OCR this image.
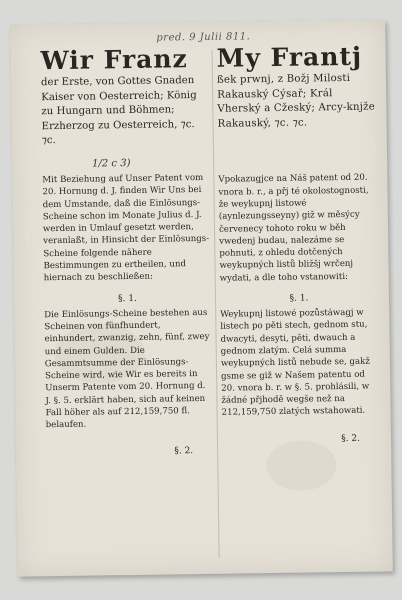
pred. 9 Julii 811.
Wir Franz
der Erste, von Gottes Gnaden Kaiser von Oesterreich; König zu Hungarn und Böhmen; Erzherzog zu Oesterreich, ⁊c. ⁊c.
1/2 c 3)
Mit Beziehung auf Unser Patent vom 20. Hornung d. J. finden Wir Uns bei dem Umstande, daß die Einlösungs-Scheine schon im Monate Julius d. J. werden in Umlauf gesetzt werden, veranlaßt, in Hinsicht der Einlösungs-Scheine folgende nähere Bestimmungen zu ertheilen, und hiernach zu beschließen:
§. 1.
Die Einlösungs-Scheine bestehen aus Scheinen von fünfhundert, einhundert, zwanzig, zehn, fünf, zwey und einem Gulden. Die Gesammtsumme der Einlösungs-Scheine wird, wie Wir es bereits in Unserm Patente vom 20. Hornung d. J. §. 5. erklärt haben, sich auf keinen Fall höher als auf 212,159,750 fl. belaufen.
§. 2.
My Frantj
ßek prwnj, z Božj Milosti Rakauský Cýsař; Král Vherský a Cžeský; Arcy-knjže Rakauský, ⁊c. ⁊c.
Vpokazugjce na Náš patent od 20. vnora b. r., a přj té okolostognosti, že weykupnj listowé (aynlezungsseyny) giž w měsýcy červenecy tohoto roku w běh vwedenj budau, nalezáme se pohnuti, z ohledu dotčených weykupných listů bližšj wrčenj wydati, a dle toho vstanowiti:
§. 1.
Weykupnj listowé pozůstáwagj w listech po pěti stech, gednom stu, dwacyti, desyti, pěti, dwauch a gednom zlatým. Celá summa weykupných listů nebude se, gakž gsme se giž w Našem patentu od 20. vnora b. r. w §. 5. prohlásili, w žádné přjhodě wegše než na 212,159,750 zlatých wstahowati.
§. 2.
